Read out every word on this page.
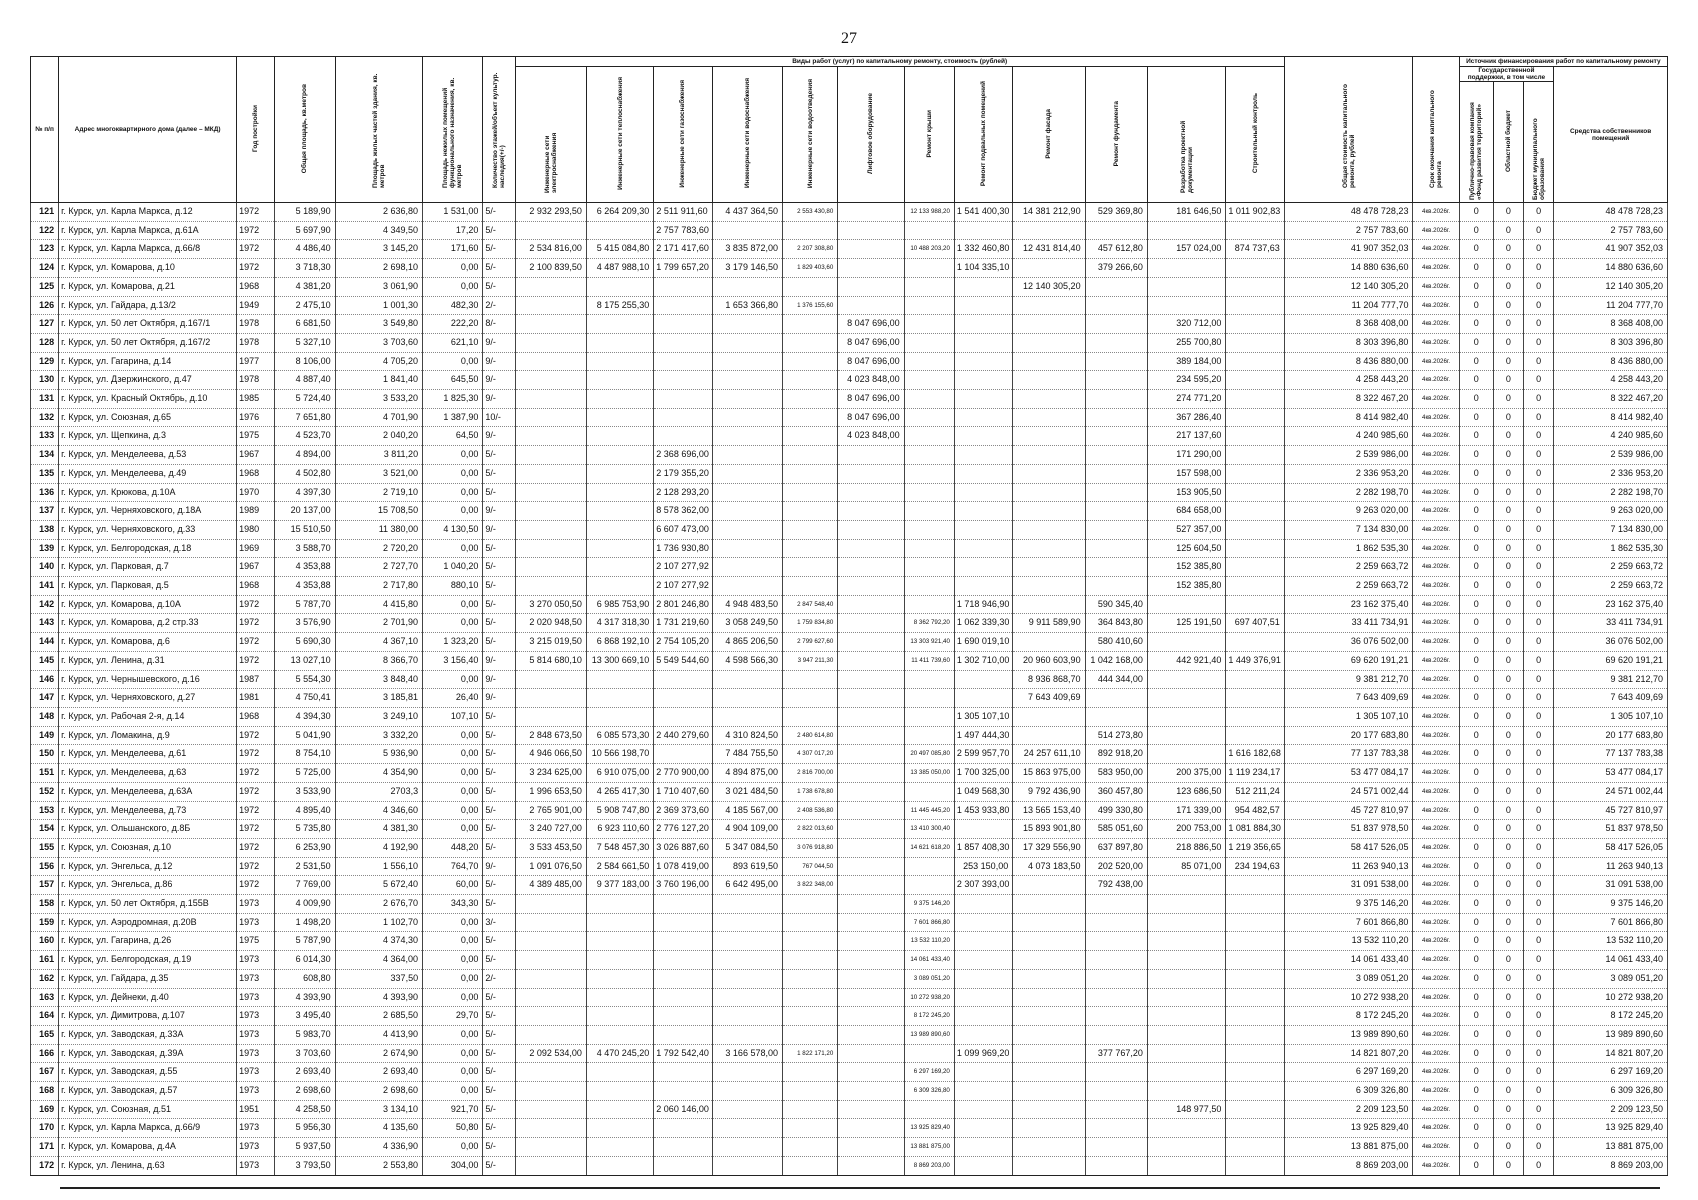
27
№ п/п	Адрес многоквартирного дома (далее – МКД)	Год постройки	Общая площадь, кв.метров	Площадь жилых частей здания, кв. метров	Площадь нежилых помещений функционального назначения, кв. метров	Количество этажей/объект культур. наследия(+/-)	Виды работ (услуг) по капитальному ремонту, стоимость (рублей)												Общая стоимость капитального ремонта, рублей	Срок окончания капитального ремонта	Источник финансирования работ по капитальному ремонту			
							Инженерные сети электроснабжения	Инженерные сети теплоснабжения	Инженерные сети газоснабжения	Инженерные сети водоснабжения	Инженерные сети водоотведения	Лифтовое оборудование	Ремонт крыши	Ремонт подвальных помещений	Ремонт фасада	Ремонт фундамента	Разработка проектной документации	Строительный контроль			Государственной поддержки, в том числе			Средства собственников помещений
																					Публично-правовая компания «Фонд развития территорий»	Областной бюджет	Бюджет муниципального образования	
121	г. Курск, ул. Карла Маркса, д.12	1972	5 189,90	2 636,80	1 531,00	5/-	2 932 293,50	6 264 209,30	2 511 911,60	4 437 364,50	2 553 430,80		12 133 988,20	1 541 400,30	14 381 212,90	529 369,80	181 646,50	1 011 902,83	48 478 728,23	4кв.2026г.	0	0	0	48 478 728,23
122	г. Курск, ул. Карла Маркса, д.61А	1972	5 697,90	4 349,50	17,20	5/-			2 757 783,60										2 757 783,60	4кв.2026г.	0	0	0	2 757 783,60
123	г. Курск, ул. Карла Маркса, д.66/8	1972	4 486,40	3 145,20	171,60	5/-	2 534 816,00	5 415 084,80	2 171 417,60	3 835 872,00	2 207 308,80		10 488 203,20	1 332 460,80	12 431 814,40	457 612,80	157 024,00	874 737,63	41 907 352,03	4кв.2026г.	0	0	0	41 907 352,03
124	г. Курск, ул. Комарова, д.10	1972	3 718,30	2 698,10	0,00	5/-	2 100 839,50	4 487 988,10	1 799 657,20	3 179 146,50	1 829 403,60			1 104 335,10		379 266,60			14 880 636,60	4кв.2026г.	0	0	0	14 880 636,60
125	г. Курск, ул. Комарова, д.21	1968	4 381,20	3 061,90	0,00	5/-									12 140 305,20				12 140 305,20	4кв.2026г.	0	0	0	12 140 305,20
126	г. Курск, ул. Гайдара, д.13/2	1949	2 475,10	1 001,30	482,30	2/-		8 175 255,30		1 653 366,80	1 376 155,60								11 204 777,70	4кв.2026г.	0	0	0	11 204 777,70
127	г. Курск, ул. 50 лет Октября, д.167/1	1978	6 681,50	3 549,80	222,20	8/-						8 047 696,00					320 712,00		8 368 408,00	4кв.2026г.	0	0	0	8 368 408,00
128	г. Курск, ул. 50 лет Октября, д.167/2	1978	5 327,10	3 703,60	621,10	9/-						8 047 696,00					255 700,80		8 303 396,80	4кв.2026г.	0	0	0	8 303 396,80
129	г. Курск, ул. Гагарина, д.14	1977	8 106,00	4 705,20	0,00	9/-						8 047 696,00					389 184,00		8 436 880,00	4кв.2026г.	0	0	0	8 436 880,00
130	г. Курск, ул. Дзержинского, д.47	1978	4 887,40	1 841,40	645,50	9/-						4 023 848,00					234 595,20		4 258 443,20	4кв.2026г.	0	0	0	4 258 443,20
131	г. Курск, ул. Красный Октябрь, д.10	1985	5 724,40	3 533,20	1 825,30	9/-						8 047 696,00					274 771,20		8 322 467,20	4кв.2026г.	0	0	0	8 322 467,20
132	г. Курск, ул. Союзная, д.65	1976	7 651,80	4 701,90	1 387,90	10/-						8 047 696,00					367 286,40		8 414 982,40	4кв.2026г.	0	0	0	8 414 982,40
133	г. Курск, ул. Щепкина, д.3	1975	4 523,70	2 040,20	64,50	9/-						4 023 848,00					217 137,60		4 240 985,60	4кв.2026г.	0	0	0	4 240 985,60
134	г. Курск, ул. Менделеева, д.53	1967	4 894,00	3 811,20	0,00	5/-			2 368 696,00								171 290,00		2 539 986,00	4кв.2026г.	0	0	0	2 539 986,00
135	г. Курск, ул. Менделеева, д.49	1968	4 502,80	3 521,00	0,00	5/-			2 179 355,20								157 598,00		2 336 953,20	4кв.2026г.	0	0	0	2 336 953,20
136	г. Курск, ул. Крюкова, д.10А	1970	4 397,30	2 719,10	0,00	5/-			2 128 293,20								153 905,50		2 282 198,70	4кв.2026г.	0	0	0	2 282 198,70
137	г. Курск, ул. Черняховского, д.18А	1989	20 137,00	15 708,50	0,00	9/-			8 578 362,00								684 658,00		9 263 020,00	4кв.2026г.	0	0	0	9 263 020,00
138	г. Курск, ул. Черняховского, д.33	1980	15 510,50	11 380,00	4 130,50	9/-			6 607 473,00								527 357,00		7 134 830,00	4кв.2026г.	0	0	0	7 134 830,00
139	г. Курск, ул. Белгородская, д.18	1969	3 588,70	2 720,20	0,00	5/-			1 736 930,80								125 604,50		1 862 535,30	4кв.2026г.	0	0	0	1 862 535,30
140	г. Курск, ул. Парковая, д.7	1967	4 353,88	2 727,70	1 040,20	5/-			2 107 277,92								152 385,80		2 259 663,72	4кв.2026г.	0	0	0	2 259 663,72
141	г. Курск, ул. Парковая, д.5	1968	4 353,88	2 717,80	880,10	5/-			2 107 277,92								152 385,80		2 259 663,72	4кв.2026г.	0	0	0	2 259 663,72
142	г. Курск, ул. Комарова, д.10А	1972	5 787,70	4 415,80	0,00	5/-	3 270 050,50	6 985 753,90	2 801 246,80	4 948 483,50	2 847 548,40			1 718 946,90		590 345,40			23 162 375,40	4кв.2026г.	0	0	0	23 162 375,40
143	г. Курск, ул. Комарова, д.2 стр.33	1972	3 576,90	2 701,90	0,00	5/-	2 020 948,50	4 317 318,30	1 731 219,60	3 058 249,50	1 759 834,80		8 362 792,20	1 062 339,30	9 911 589,90	364 843,80	125 191,50	697 407,51	33 411 734,91	4кв.2026г.	0	0	0	33 411 734,91
144	г. Курск, ул. Комарова, д.6	1972	5 690,30	4 367,10	1 323,20	5/-	3 215 019,50	6 868 192,10	2 754 105,20	4 865 206,50	2 799 627,60		13 303 921,40	1 690 019,10		580 410,60			36 076 502,00	4кв.2026г.	0	0	0	36 076 502,00
145	г. Курск, ул. Ленина, д.31	1972	13 027,10	8 366,70	3 156,40	9/-	5 814 680,10	13 300 669,10	5 549 544,60	4 598 566,30	3 947 211,30		11 411 739,60	1 302 710,00	20 960 603,90	1 042 168,00	442 921,40	1 449 376,91	69 620 191,21	4кв.2026г.	0	0	0	69 620 191,21
146	г. Курск, ул. Чернышевского, д.16	1987	5 554,30	3 848,40	0,00	9/-									8 936 868,70	444 344,00			9 381 212,70	4кв.2026г.	0	0	0	9 381 212,70
147	г. Курск, ул. Черняховского, д.27	1981	4 750,41	3 185,81	26,40	9/-									7 643 409,69				7 643 409,69	4кв.2026г.	0	0	0	7 643 409,69
148	г. Курск, ул. Рабочая 2-я, д.14	1968	4 394,30	3 249,10	107,10	5/-								1 305 107,10					1 305 107,10	4кв.2026г.	0	0	0	1 305 107,10
149	г. Курск, ул. Ломакина, д.9	1972	5 041,90	3 332,20	0,00	5/-	2 848 673,50	6 085 573,30	2 440 279,60	4 310 824,50	2 480 614,80			1 497 444,30		514 273,80			20 177 683,80	4кв.2026г.	0	0	0	20 177 683,80
150	г. Курск, ул. Менделеева, д.61	1972	8 754,10	5 936,90	0,00	5/-	4 946 066,50	10 566 198,70		7 484 755,50	4 307 017,20		20 497 085,80	2 599 957,70	24 257 611,10	892 918,20		1 616 182,68	77 137 783,38	4кв.2026г.	0	0	0	77 137 783,38
151	г. Курск, ул. Менделеева, д.63	1972	5 725,00	4 354,90	0,00	5/-	3 234 625,00	6 910 075,00	2 770 900,00	4 894 875,00	2 816 700,00		13 385 050,00	1 700 325,00	15 863 975,00	583 950,00	200 375,00	1 119 234,17	53 477 084,17	4кв.2026г.	0	0	0	53 477 084,17
152	г. Курск, ул. Менделеева, д.63А	1972	3 533,90	2703,3	0,00	5/-	1 996 653,50	4 265 417,30	1 710 407,60	3 021 484,50	1 738 678,80			1 049 568,30	9 792 436,90	360 457,80	123 686,50	512 211,24	24 571 002,44	4кв.2026г.	0	0	0	24 571 002,44
153	г. Курск, ул. Менделеева, д.73	1972	4 895,40	4 346,60	0,00	5/-	2 765 901,00	5 908 747,80	2 369 373,60	4 185 567,00	2 408 536,80		11 445 445,20	1 453 933,80	13 565 153,40	499 330,80	171 339,00	954 482,57	45 727 810,97	4кв.2026г.	0	0	0	45 727 810,97
154	г. Курск, ул. Ольшанского, д.8Б	1972	5 735,80	4 381,30	0,00	5/-	3 240 727,00	6 923 110,60	2 776 127,20	4 904 109,00	2 822 013,60		13 410 300,40		15 893 901,80	585 051,60	200 753,00	1 081 884,30	51 837 978,50	4кв.2026г.	0	0	0	51 837 978,50
155	г. Курск, ул. Союзная, д.10	1972	6 253,90	4 192,90	448,20	5/-	3 533 453,50	7 548 457,30	3 026 887,60	5 347 084,50	3 076 918,80		14 621 618,20	1 857 408,30	17 329 556,90	637 897,80	218 886,50	1 219 356,65	58 417 526,05	4кв.2026г.	0	0	0	58 417 526,05
156	г. Курск, ул. Энгельса, д.12	1972	2 531,50	1 556,10	764,70	9/-	1 091 076,50	2 584 661,50	1 078 419,00	893 619,50	767 044,50			253 150,00	4 073 183,50	202 520,00	85 071,00	234 194,63	11 263 940,13	4кв.2026г.	0	0	0	11 263 940,13
157	г. Курск, ул. Энгельса, д.86	1972	7 769,00	5 672,40	60,00	5/-	4 389 485,00	9 377 183,00	3 760 196,00	6 642 495,00	3 822 348,00			2 307 393,00		792 438,00			31 091 538,00	4кв.2026г.	0	0	0	31 091 538,00
158	г. Курск, ул. 50 лет Октября, д.155В	1973	4 009,90	2 676,70	343,30	5/-							9 375 146,20						9 375 146,20	4кв.2026г.	0	0	0	9 375 146,20
159	г. Курск, ул. Аэродромная, д.20В	1973	1 498,20	1 102,70	0,00	3/-							7 601 866,80						7 601 866,80	4кв.2026г.	0	0	0	7 601 866,80
160	г. Курск, ул. Гагарина, д.26	1975	5 787,90	4 374,30	0,00	5/-							13 532 110,20						13 532 110,20	4кв.2026г.	0	0	0	13 532 110,20
161	г. Курск, ул. Белгородская, д.19	1973	6 014,30	4 364,00	0,00	5/-							14 061 433,40						14 061 433,40	4кв.2026г.	0	0	0	14 061 433,40
162	г. Курск, ул. Гайдара, д.35	1973	608,80	337,50	0,00	2/-							3 089 051,20						3 089 051,20	4кв.2026г.	0	0	0	3 089 051,20
163	г. Курск, ул. Дейнеки, д.40	1973	4 393,90	4 393,90	0,00	5/-							10 272 938,20						10 272 938,20	4кв.2026г.	0	0	0	10 272 938,20
164	г. Курск, ул. Димитрова, д.107	1973	3 495,40	2 685,50	29,70	5/-							8 172 245,20						8 172 245,20	4кв.2026г.	0	0	0	8 172 245,20
165	г. Курск, ул. Заводская, д.33А	1973	5 983,70	4 413,90	0,00	5/-							13 989 890,60						13 989 890,60	4кв.2026г.	0	0	0	13 989 890,60
166	г. Курск, ул. Заводская, д.39А	1973	3 703,60	2 674,90	0,00	5/-	2 092 534,00	4 470 245,20	1 792 542,40	3 166 578,00	1 822 171,20			1 099 969,20		377 767,20			14 821 807,20	4кв.2026г.	0	0	0	14 821 807,20
167	г. Курск, ул. Заводская, д.55	1973	2 693,40	2 693,40	0,00	5/-							6 297 169,20						6 297 169,20	4кв.2026г.	0	0	0	6 297 169,20
168	г. Курск, ул. Заводская, д.57	1973	2 698,60	2 698,60	0,00	5/-							6 309 326,80						6 309 326,80	4кв.2026г.	0	0	0	6 309 326,80
169	г. Курск, ул. Союзная, д.51	1951	4 258,50	3 134,10	921,70	5/-			2 060 146,00								148 977,50		2 209 123,50	4кв.2026г.	0	0	0	2 209 123,50
170	г. Курск, ул. Карла Маркса, д.66/9	1973	5 956,30	4 135,60	50,80	5/-							13 925 829,40						13 925 829,40	4кв.2026г.	0	0	0	13 925 829,40
171	г. Курск, ул. Комарова, д.4А	1973	5 937,50	4 336,90	0,00	5/-							13 881 875,00						13 881 875,00	4кв.2026г.	0	0	0	13 881 875,00
172	г. Курск, ул. Ленина, д.63	1973	3 793,50	2 553,80	304,00	5/-							8 869 203,00						8 869 203,00	4кв.2026г.	0	0	0	8 869 203,00
